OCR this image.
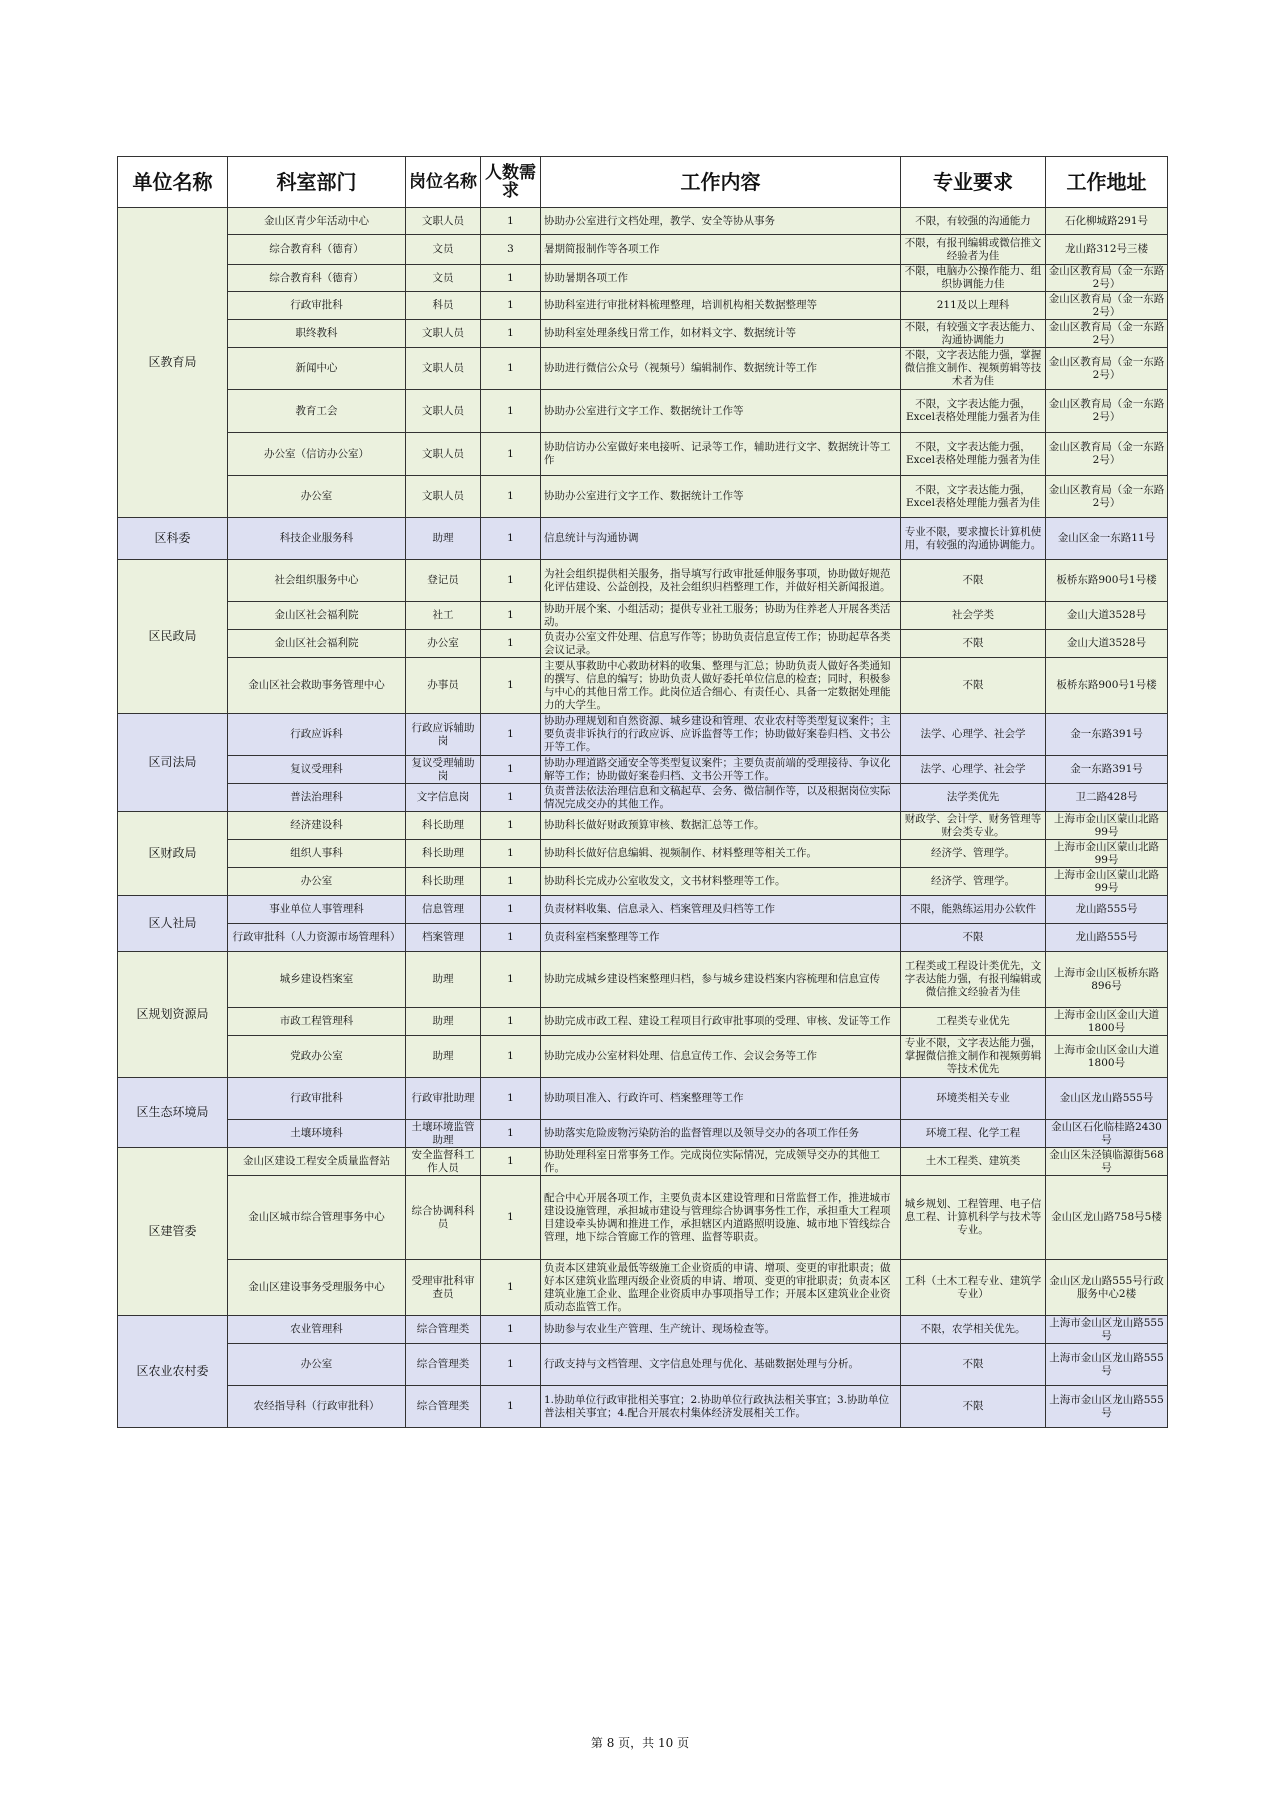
单位名称	科室部门	岗位名称	人数需求	工作内容	专业要求	工作地址
区教育局	金山区青少年活动中心	文职人员	1	协助办公室进行文档处理，教学、安全等协从事务	不限，有较强的沟通能力	石化柳城路291号
	综合教育科（德育）	文员	3	暑期简报制作等各项工作	不限，有报刊编辑或微信推文经验者为佳	龙山路312号三楼
	综合教育科（德育）	文员	1	协助暑期各项工作	不限，电脑办公操作能力、组织协调能力佳	金山区教育局（金一东路2号）
	行政审批科	科员	1	协助科室进行审批材料梳理整理，培训机构相关数据整理等	211及以上理科	金山区教育局（金一东路2号）
	职终教科	文职人员	1	协助科室处理条线日常工作，如材料文字、数据统计等	不限，有较强文字表达能力、沟通协调能力	金山区教育局（金一东路2号）
	新闻中心	文职人员	1	协助进行微信公众号（视频号）编辑制作、数据统计等工作	不限，文字表达能力强，掌握微信推文制作、视频剪辑等技术者为佳	金山区教育局（金一东路2号）
	教育工会	文职人员	1	协助办公室进行文字工作、数据统计工作等	不限，文字表达能力强，Excel表格处理能力强者为佳	金山区教育局（金一东路2号）
	办公室（信访办公室）	文职人员	1	协助信访办公室做好来电接听、记录等工作，辅助进行文字、数据统计等工作	不限，文字表达能力强，Excel表格处理能力强者为佳	金山区教育局（金一东路2号）
	办公室	文职人员	1	协助办公室进行文字工作、数据统计工作等	不限，文字表达能力强，Excel表格处理能力强者为佳	金山区教育局（金一东路2号）
区科委	科技企业服务科	助理	1	信息统计与沟通协调	专业不限，要求擅长计算机使用，有较强的沟通协调能力。	金山区金一东路11号
区民政局	社会组织服务中心	登记员	1	为社会组织提供相关服务，指导填写行政审批延伸服务事项，协助做好规范化评估建设、公益创投，及社会组织归档整理工作，并做好相关新闻报道。	不限	板桥东路900号1号楼
	金山区社会福利院	社工	1	协助开展个案、小组活动；提供专业社工服务；协助为住养老人开展各类活动。	社会学类	金山大道3528号
	金山区社会福利院	办公室	1	负责办公室文件处理、信息写作等；协助负责信息宣传工作；协助起草各类会议记录。	不限	金山大道3528号
	金山区社会救助事务管理中心	办事员	1	主要从事救助中心救助材料的收集、整理与汇总；协助负责人做好各类通知的撰写、信息的编写；协助负责人做好委托单位信息的检查；同时，积极参与中心的其他日常工作。此岗位适合细心、有责任心、具备一定数据处理能力的大学生。	不限	板桥东路900号1号楼
区司法局	行政应诉科	行政应诉辅助岗	1	协助办理规划和自然资源、城乡建设和管理、农业农村等类型复议案件；主要负责非诉执行的行政应诉、应诉监督等工作；协助做好案卷归档、文书公开等工作。	法学、心理学、社会学	金一东路391号
	复议受理科	复议受理辅助岗	1	协助办理道路交通安全等类型复议案件；主要负责前端的受理接待、争议化解等工作；协助做好案卷归档、文书公开等工作。	法学、心理学、社会学	金一东路391号
	普法治理科	文字信息岗	1	负责普法依法治理信息和文稿起草、会务、微信制作等，以及根据岗位实际情况完成交办的其他工作。	法学类优先	卫二路428号
区财政局	经济建设科	科长助理	1	协助科长做好财政预算审核、数据汇总等工作。	财政学、会计学、财务管理等财会类专业。	上海市金山区蒙山北路99号
	组织人事科	科长助理	1	协助科长做好信息编辑、视频制作、材料整理等相关工作。	经济学、管理学。	上海市金山区蒙山北路99号
	办公室	科长助理	1	协助科长完成办公室收发文，文书材料整理等工作。	经济学、管理学。	上海市金山区蒙山北路99号
区人社局	事业单位人事管理科	信息管理	1	负责材料收集、信息录入、档案管理及归档等工作	不限，能熟练运用办公软件	龙山路555号
	行政审批科（人力资源市场管理科）	档案管理	1	负责科室档案整理等工作	不限	龙山路555号
区规划资源局	城乡建设档案室	助理	1	协助完成城乡建设档案整理归档，参与城乡建设档案内容梳理和信息宣传	工程类或工程设计类优先，文字表达能力强，有报刊编辑或微信推文经验者为佳	上海市金山区板桥东路896号
	市政工程管理科	助理	1	协助完成市政工程、建设工程项目行政审批事项的受理、审核、发证等工作	工程类专业优先	上海市金山区金山大道1800号
	党政办公室	助理	1	协助完成办公室材料处理、信息宣传工作、会议会务等工作	专业不限，文字表达能力强，掌握微信推文制作和视频剪辑等技术优先	上海市金山区金山大道1800号
区生态环境局	行政审批科	行政审批助理	1	协助项目准入、行政许可、档案整理等工作	环境类相关专业	金山区龙山路555号
	土壤环境科	土壤环境监管助理	1	协助落实危险废物污染防治的监督管理以及领导交办的各项工作任务	环境工程、化学工程	金山区石化临桂路2430号
区建管委	金山区建设工程安全质量监督站	安全监督科工作人员	1	协助处理科室日常事务工作。完成岗位实际情况，完成领导交办的其他工作。	土木工程类、建筑类	金山区朱泾镇临源街568号
	金山区城市综合管理事务中心	综合协调科科员	1	配合中心开展各项工作，主要负责本区建设管理和日常监督工作，推进城市建设设施管理，承担城市建设与管理综合协调事务性工作，承担重大工程项目建设牵头协调和推进工作，承担辖区内道路照明设施、城市地下管线综合管理，地下综合管廊工作的管理、监督等职责。	城乡规划、工程管理、电子信息工程、计算机科学与技术等专业。	金山区龙山路758号5楼
	金山区建设事务受理服务中心	受理审批科审查员	1	负责本区建筑业最低等级施工企业资质的申请、增项、变更的审批职责；做好本区建筑业监理丙级企业资质的申请、增项、变更的审批职责；负责本区建筑业施工企业、监理企业资质申办事项指导工作；开展本区建筑业企业资质动态监管工作。	工科（土木工程专业、建筑学专业）	金山区龙山路555号行政服务中心2楼
区农业农村委	农业管理科	综合管理类	1	协助参与农业生产管理、生产统计、现场检查等。	不限，农学相关优先。	上海市金山区龙山路555号
	办公室	综合管理类	1	行政支持与文档管理、文字信息处理与优化、基础数据处理与分析。	不限	上海市金山区龙山路555号
	农经指导科（行政审批科）	综合管理类	1	1.协助单位行政审批相关事宜；2.协助单位行政执法相关事宜；3.协助单位普法相关事宜；4.配合开展农村集体经济发展相关工作。	不限	上海市金山区龙山路555号
第 8 页，共 10 页
